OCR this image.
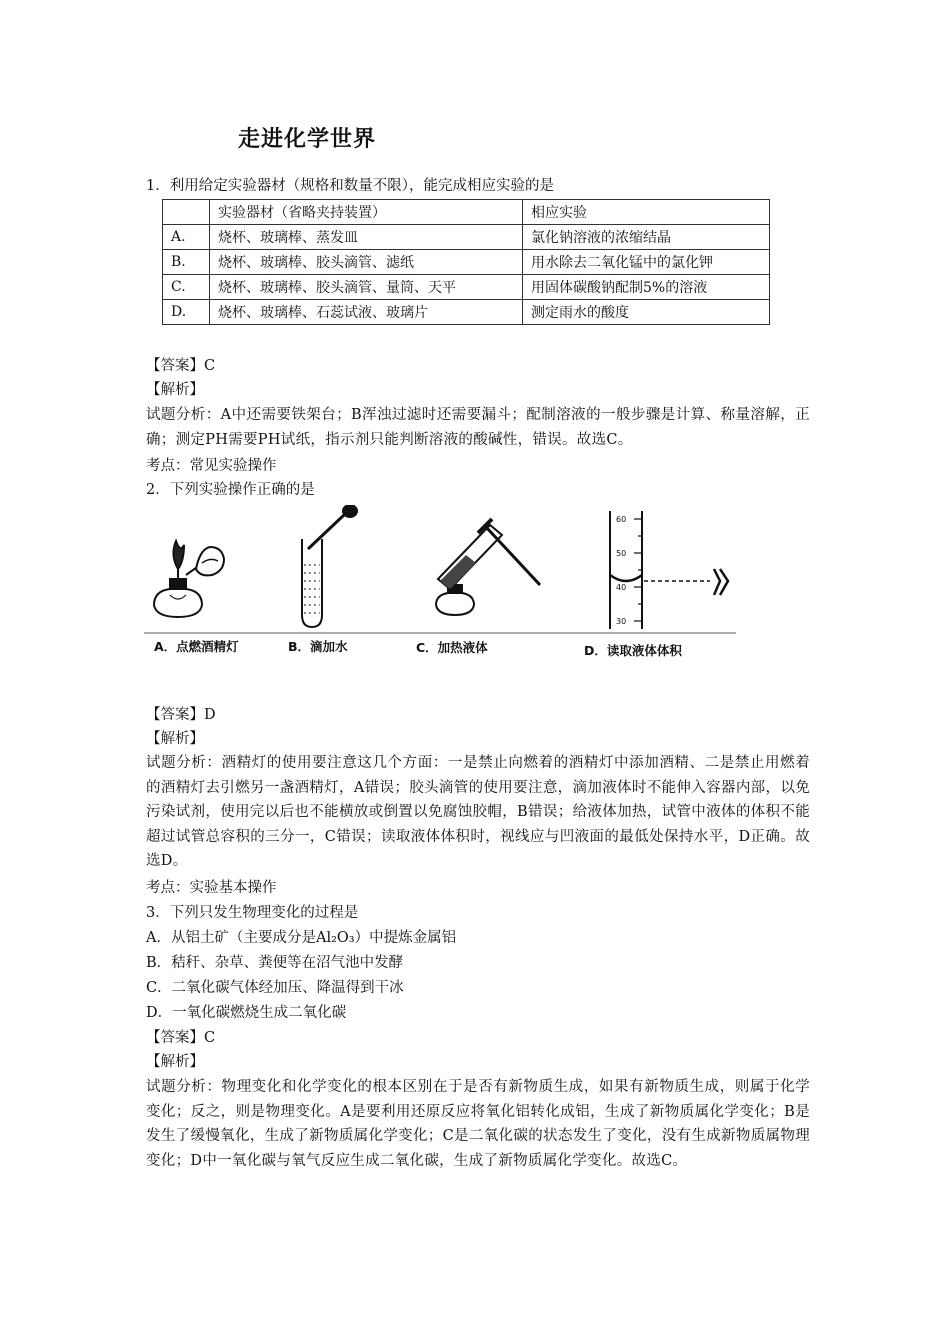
走进化学世界
1．利用给定实验器材（规格和数量不限），能完成相应实验的是
	实验器材（省略夹持装置）	相应实验
A.	烧杯、玻璃棒、蒸发皿	氯化钠溶液的浓缩结晶
B.	烧杯、玻璃棒、胶头滴管、滤纸	用水除去二氧化锰中的氯化钾
C.	烧杯、玻璃棒、胶头滴管、量筒、天平	用固体碳酸钠配制5%的溶液
D.	烧杯、玻璃棒、石蕊试液、玻璃片	测定雨水的酸度
【答案】C
【解析】
试题分析：A中还需要铁架台；B浑浊过滤时还需要漏斗；配制溶液的一般步骤是计算、称量溶解，正确；测定PH需要PH试纸，指示剂只能判断溶液的酸碱性，错误。故选C。
考点：常见实验操作
2．下列实验操作正确的是
60
50
40
30
A．点燃酒精灯	B．滴加水	C．加热液体	D．读取液体体积
【答案】D
【解析】
试题分析：酒精灯的使用要注意这几个方面：一是禁止向燃着的酒精灯中添加酒精、二是禁止用燃着的酒精灯去引燃另一盏酒精灯，A错误；胶头滴管的使用要注意，滴加液体时不能伸入容器内部，以免污染试剂，使用完以后也不能横放或倒置以免腐蚀胶帽，B错误；给液体加热，试管中液体的体积不能超过试管总容积的三分一，C错误；读取液体体积时，视线应与凹液面的最低处保持水平，D正确。故选D。
考点：实验基本操作
3．下列只发生物理变化的过程是
A．从铝土矿（主要成分是Al₂O₃）中提炼金属铝
B．秸秆、杂草、粪便等在沼气池中发酵
C．二氧化碳气体经加压、降温得到干冰
D．一氧化碳燃烧生成二氧化碳
【答案】C
【解析】
试题分析：物理变化和化学变化的根本区别在于是否有新物质生成，如果有新物质生成，则属于化学变化；反之，则是物理变化。A是要利用还原反应将氧化铝转化成铝，生成了新物质属化学变化；B是发生了缓慢氧化，生成了新物质属化学变化；C是二氧化碳的状态发生了变化，没有生成新物质属物理变化；D中一氧化碳与氧气反应生成二氧化碳，生成了新物质属化学变化。故选C。
